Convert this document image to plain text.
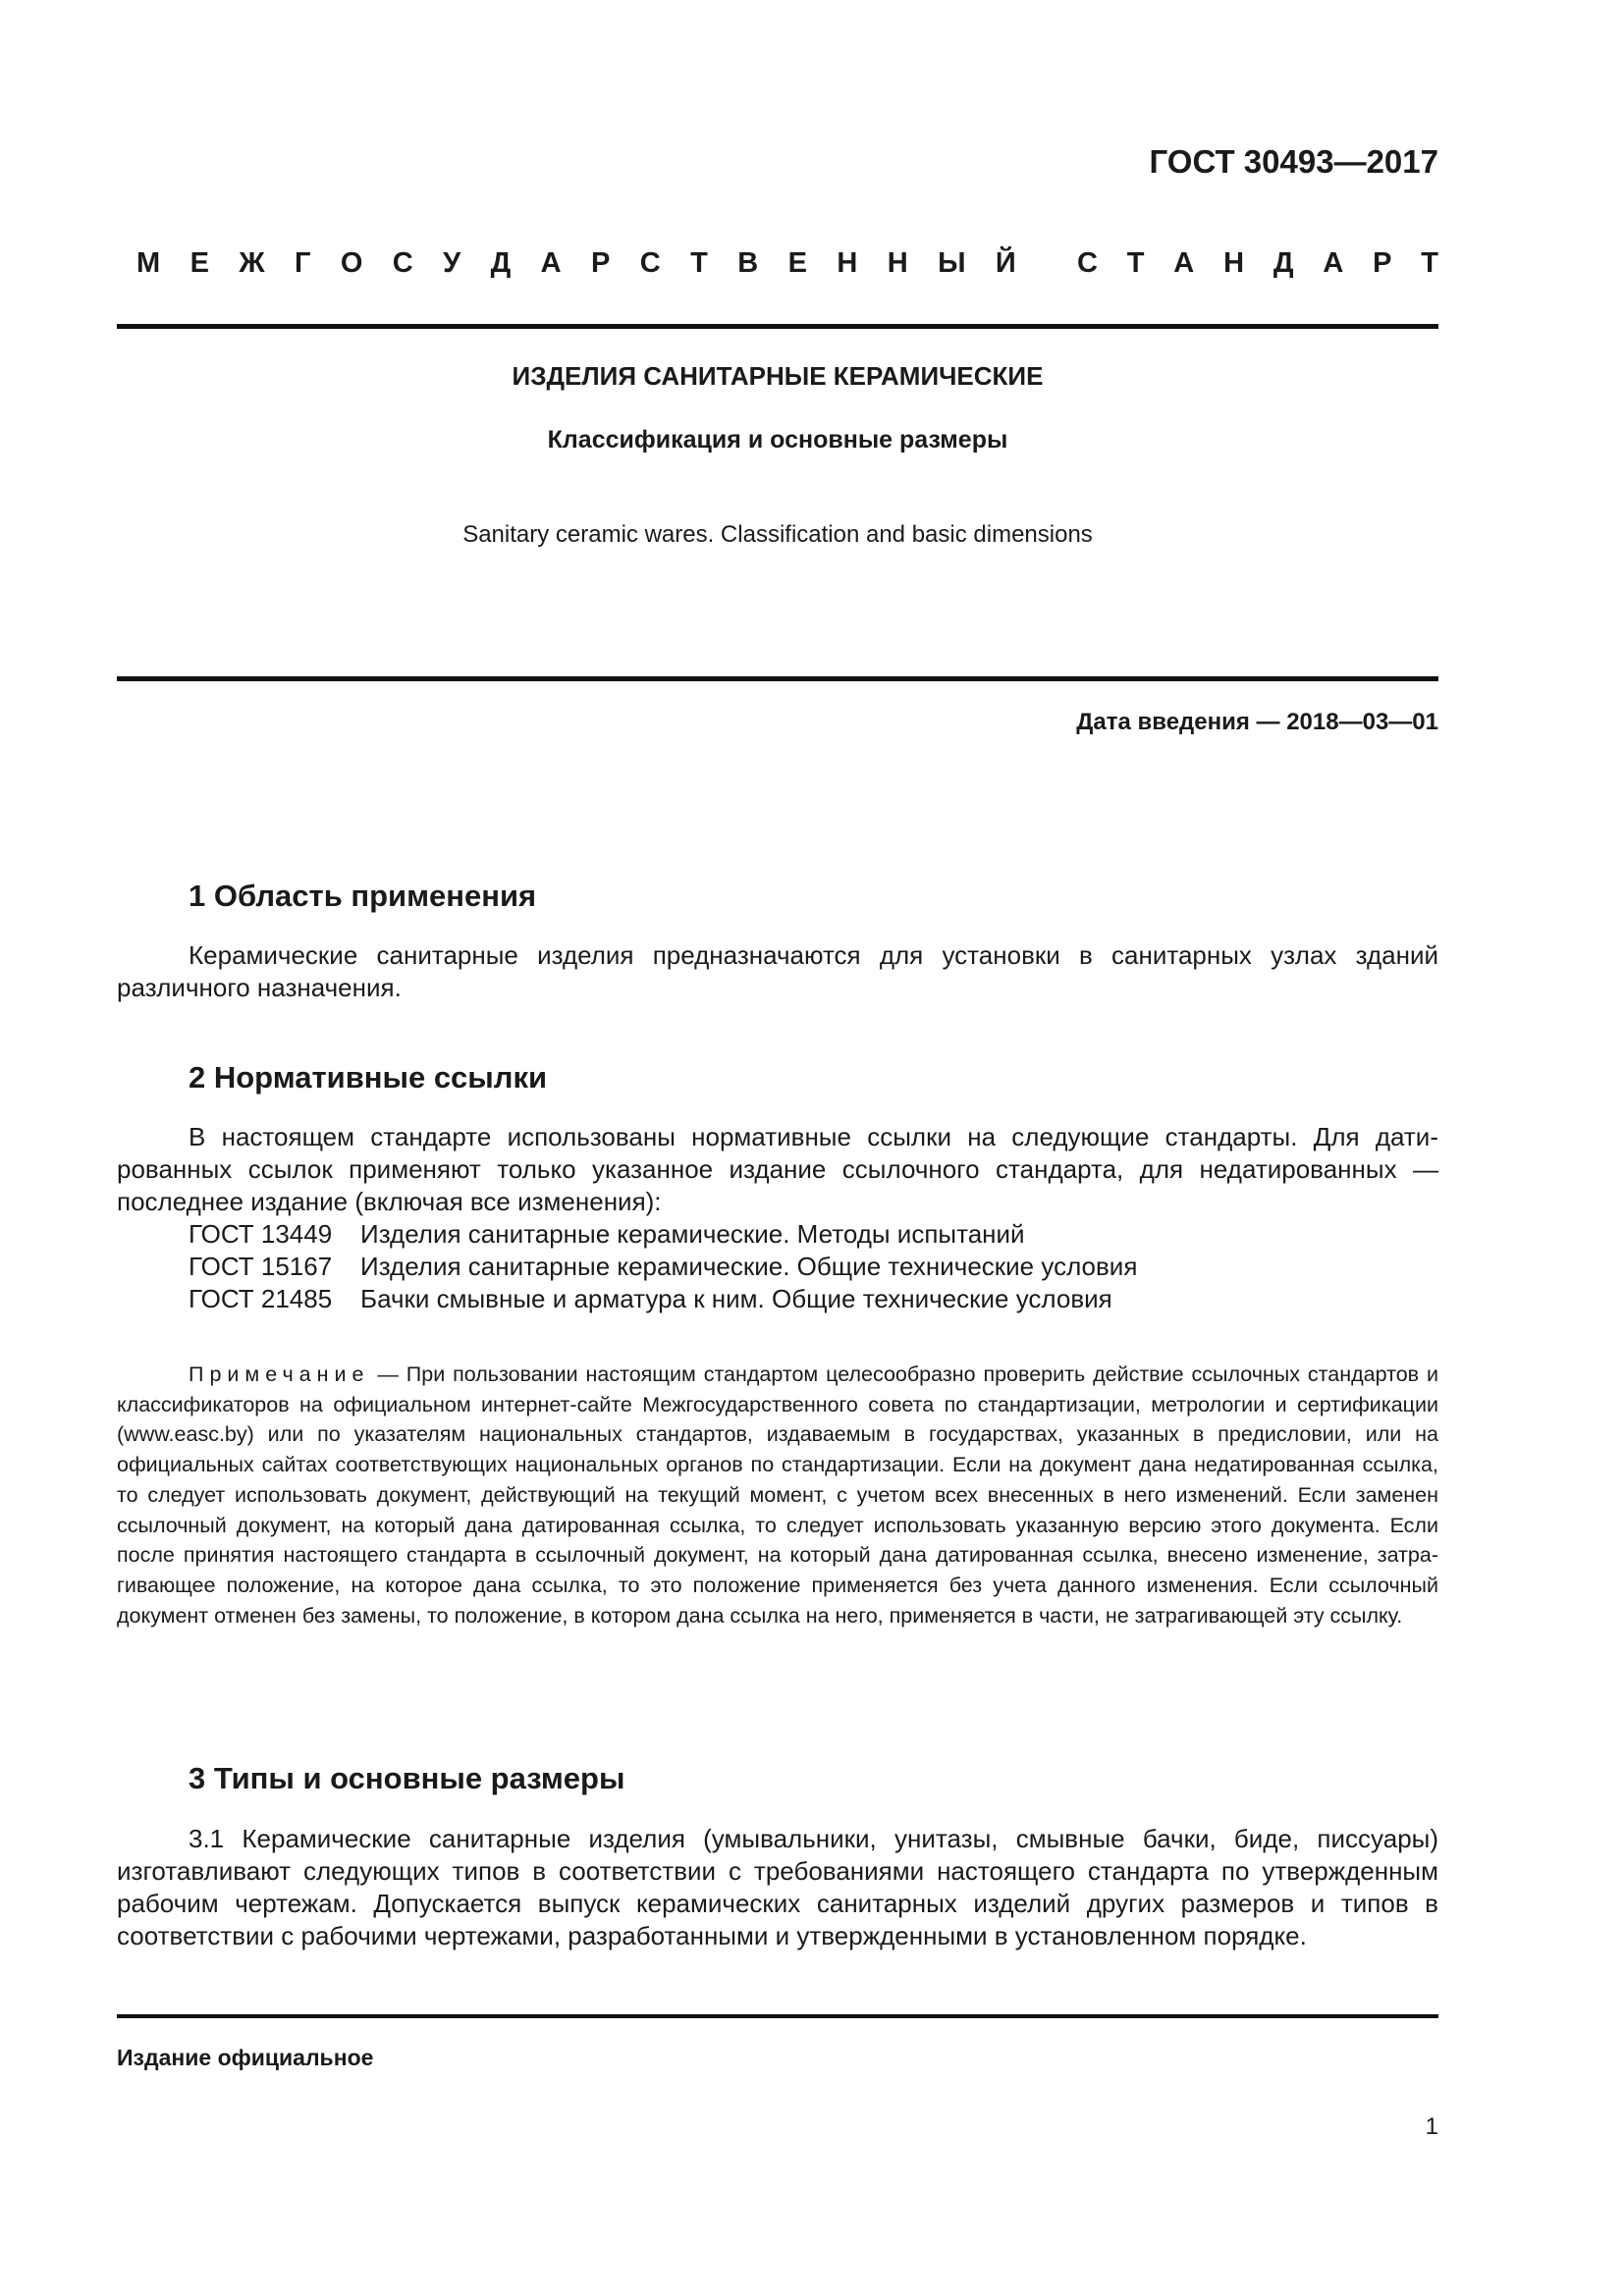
ГОСТ 30493—2017
М Е Ж Г О С У Д А Р С Т В Е Н Н Ы Й С Т А Н Д А Р Т
ИЗДЕЛИЯ САНИТАРНЫЕ КЕРАМИЧЕСКИЕ
Классификация и основные размеры
Sanitary ceramic wares. Classification and basic dimensions
Дата введения — 2018—03—01
1 Область применения
Керамические санитарные изделия предназначаются для установки в санитарных узлах зданий различного назначения.
2 Нормативные ссылки
В настоящем стандарте использованы нормативные ссылки на следующие стандарты. Для датированных ссылок применяют только указанное издание ссылочного стандарта, для недатированных — последнее издание (включая все изменения):
ГОСТ 13449	Изделия санитарные керамические. Методы испытаний
ГОСТ 15167	Изделия санитарные керамические. Общие технические условия
ГОСТ 21485	Бачки смывные и арматура к ним. Общие технические условия
Примечание — При пользовании настоящим стандартом целесообразно проверить действие ссылочных стандартов и классификаторов на официальном интернет-сайте Межгосударственного совета по стандартизации, метрологии и сертификации (www.easc.by) или по указателям национальных стандартов, издаваемым в государствах, указанных в предисловии, или на официальных сайтах соответствующих национальных органов по стандартизации. Если на документ дана недатированная ссылка, то следует использовать документ, действующий на текущий момент, с учетом всех внесенных в него изменений. Если заменен ссылочный документ, на который дана датированная ссылка, то следует использовать указанную версию этого документа. Если после принятия настоящего стандарта в ссылочный документ, на который дана датированная ссылка, внесено изменение, затрагивающее положение, на которое дана ссылка, то это положение применяется без учета данного изменения. Если ссылочный документ отменен без замены, то положение, в котором дана ссылка на него, применяется в части, не затрагивающей эту ссылку.
3 Типы и основные размеры
3.1 Керамические санитарные изделия (умывальники, унитазы, смывные бачки, биде, писсуары) изготавливают следующих типов в соответствии с требованиями настоящего стандарта по утвержденным рабочим чертежам. Допускается выпуск керамических санитарных изделий других размеров и типов в соответствии с рабочими чертежами, разработанными и утвержденными в установленном порядке.
Издание официальное
1
